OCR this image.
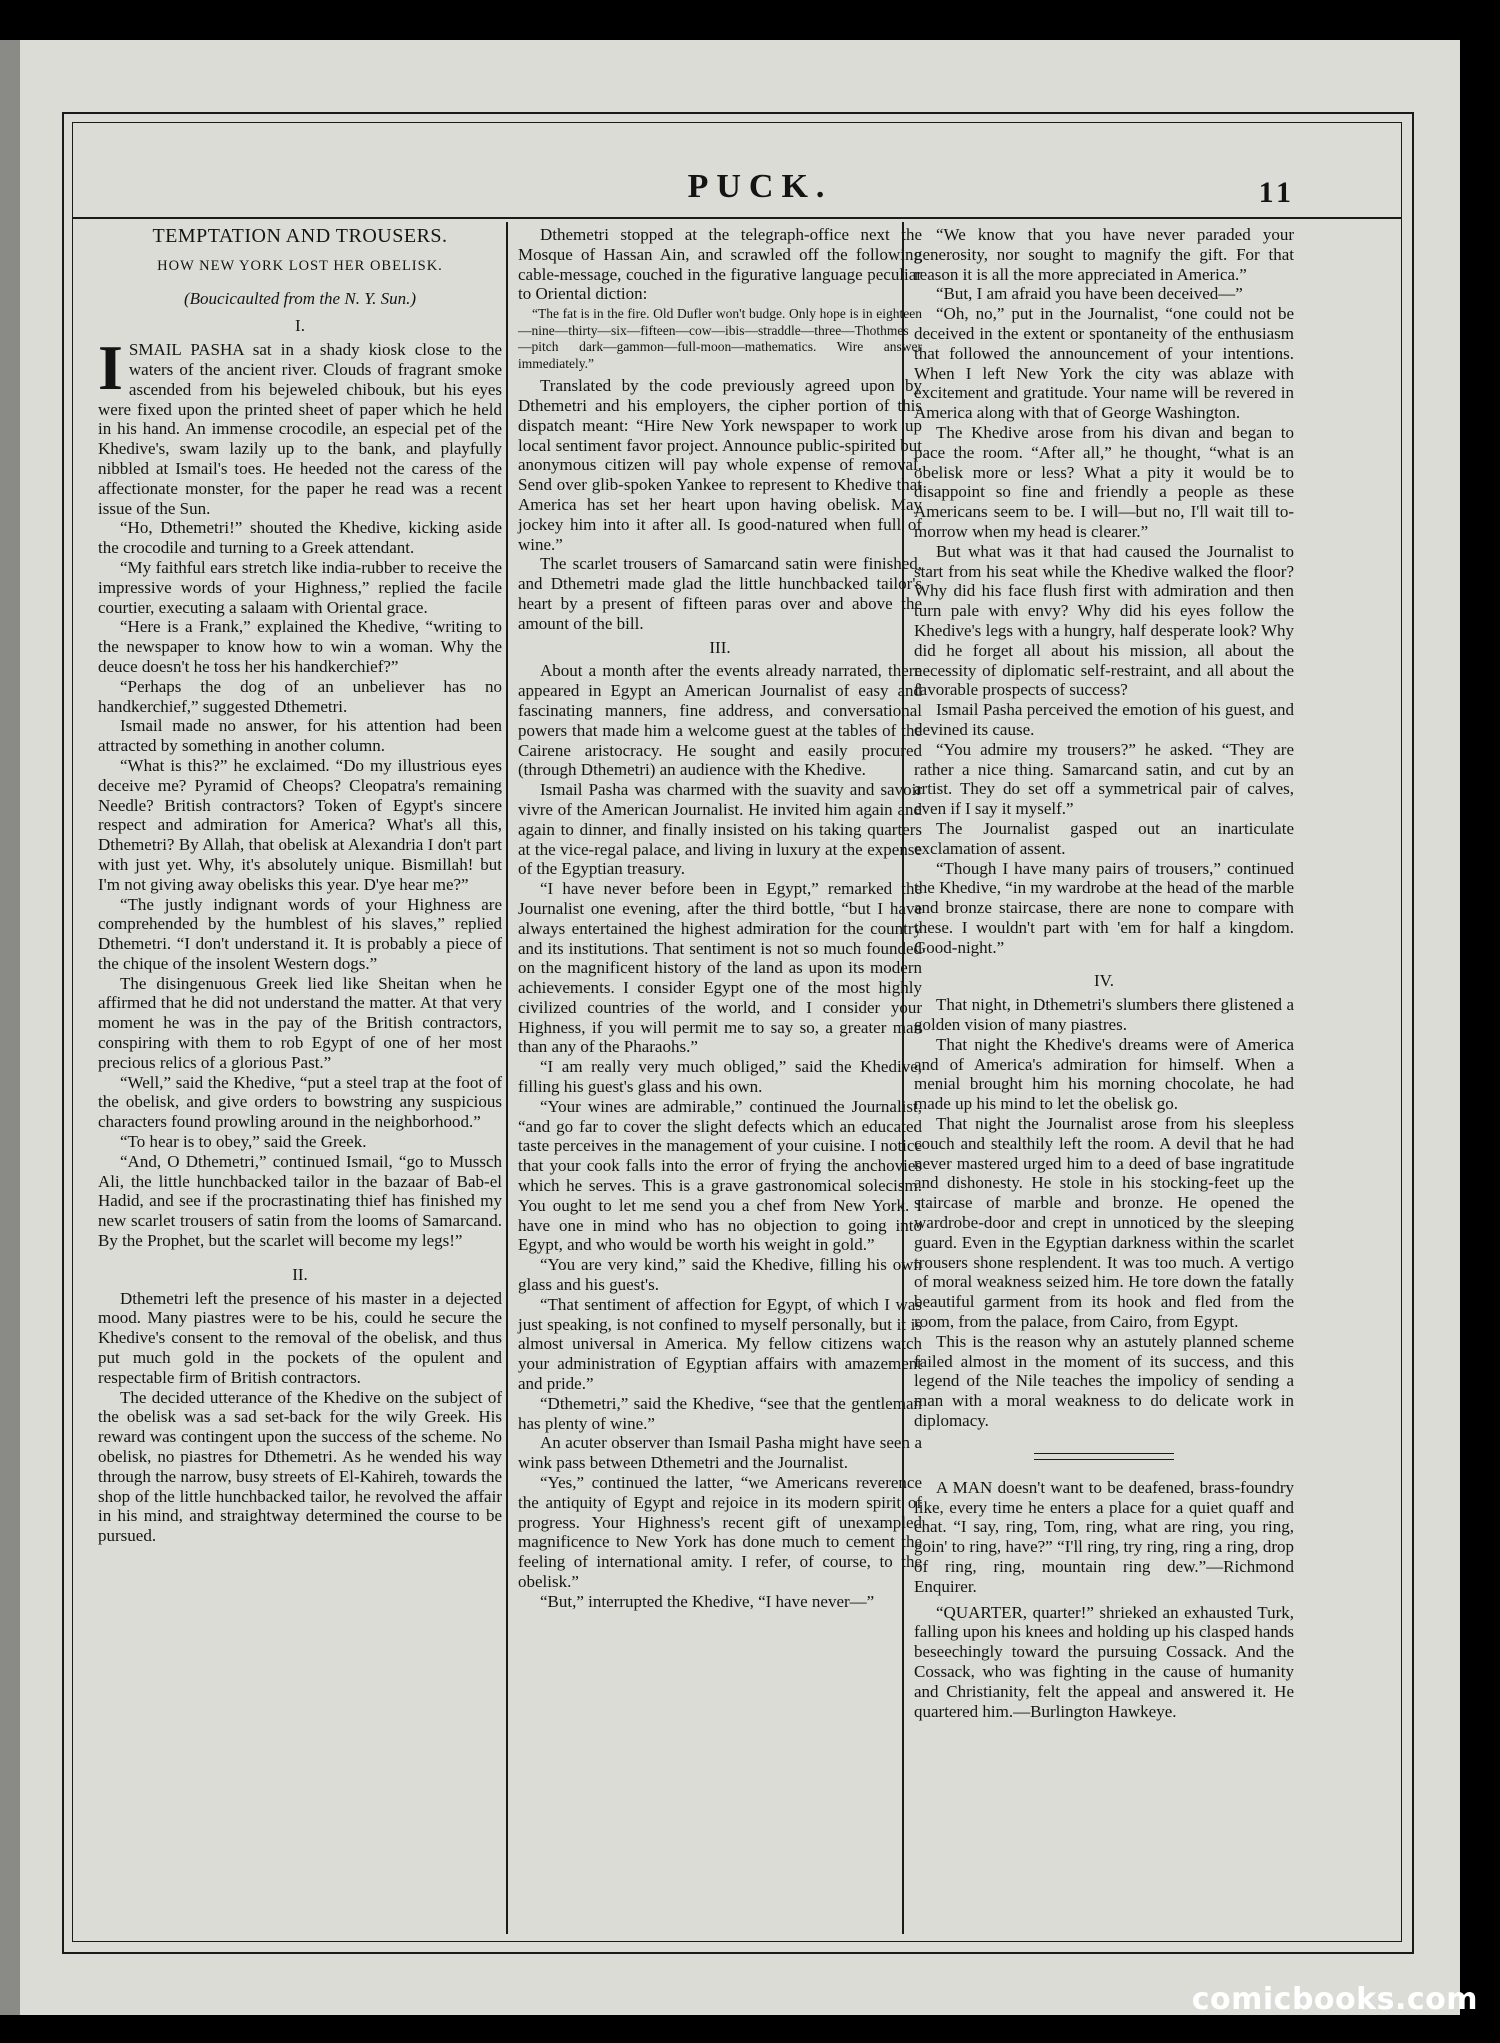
PUCK.	11
TEMPTATION AND TROUSERS.
HOW NEW YORK LOST HER OBELISK.
(Boucicaulted from the N. Y. Sun.)
I.

ISMAIL PASHA sat in a shady kiosk close to the waters of the ancient river. Clouds of fragrant smoke ascended from his bejeweled chibouk, but his eyes were fixed upon the printed sheet of paper which he held in his hand. An immense crocodile, an especial pet of the Khedive's, swam lazily up to the bank, and playfully nibbled at Ismail's toes. He heeded not the caress of the affectionate monster, for the paper he read was a recent issue of the Sun.

“Ho, Dthemetri!” shouted the Khedive, kicking aside the crocodile and turning to a Greek attendant.

“My faithful ears stretch like india-rubber to receive the impressive words of your Highness,” replied the facile courtier, executing a salaam with Oriental grace.

“Here is a Frank,” explained the Khedive, “writing to the newspaper to know how to win a woman. Why the deuce doesn't he toss her his handkerchief?”

“Perhaps the dog of an unbeliever has no handkerchief,” suggested Dthemetri.

Ismail made no answer, for his attention had been attracted by something in another column.

“What is this?” he exclaimed. “Do my illustrious eyes deceive me? Pyramid of Cheops? Cleopatra's remaining Needle? British contractors? Token of Egypt's sincere respect and admiration for America? What's all this, Dthemetri? By Allah, that obelisk at Alexandria I don't part with just yet. Why, it's absolutely unique. Bismillah! but I'm not giving away obelisks this year. D'ye hear me?”

“The justly indignant words of your Highness are comprehended by the humblest of his slaves,” replied Dthemetri. “I don't understand it. It is probably a piece of the chique of the insolent Western dogs.”

The disingenuous Greek lied like Sheitan when he affirmed that he did not understand the matter. At that very moment he was in the pay of the British contractors, conspiring with them to rob Egypt of one of her most precious relics of a glorious Past.”

“Well,” said the Khedive, “put a steel trap at the foot of the obelisk, and give orders to bowstring any suspicious characters found prowling around in the neighborhood.”

“To hear is to obey,” said the Greek.

“And, O Dthemetri,” continued Ismail, “go to Mussch Ali, the little hunchbacked tailor in the bazaar of Bab-el Hadid, and see if the procrastinating thief has finished my new scarlet trousers of satin from the looms of Samarcand. By the Prophet, but the scarlet will become my legs!”

II.

Dthemetri left the presence of his master in a dejected mood. Many piastres were to be his, could he secure the Khedive's consent to the removal of the obelisk, and thus put much gold in the pockets of the opulent and respectable firm of British contractors.

The decided utterance of the Khedive on the subject of the obelisk was a sad set-back for the wily Greek. His reward was contingent upon the success of the scheme. No obelisk, no piastres for Dthemetri. As he wended his way through the narrow, busy streets of El-Kahireh, towards the shop of the little hunchbacked tailor, he revolved the affair in his mind, and straightway determined the course to be pursued.

Dthemetri stopped at the telegraph-office next the Mosque of Hassan Ain, and scrawled off the following cable-message, couched in the figurative language peculiar to Oriental diction:

“The fat is in the fire. Old Dufler won't budge. Only hope is in eighteen—nine—thirty—six—fifteen—cow—ibis—straddle—three—Thothmes—pitch dark—gammon—full-moon—mathematics. Wire answer immediately.”

Translated by the code previously agreed upon by Dthemetri and his employers, the cipher portion of this dispatch meant: “Hire New York newspaper to work up local sentiment favor project. Announce public-spirited but anonymous citizen will pay whole expense of removal. Send over glib-spoken Yankee to represent to Khedive that America has set her heart upon having obelisk. May jockey him into it after all. Is good-natured when full of wine.”

The scarlet trousers of Samarcand satin were finished, and Dthemetri made glad the little hunchbacked tailor's heart by a present of fifteen paras over and above the amount of the bill.

III.

About a month after the events already narrated, there appeared in Egypt an American Journalist of easy and fascinating manners, fine address, and conversational powers that made him a welcome guest at the tables of the Cairene aristocracy. He sought and easily procured (through Dthemetri) an audience with the Khedive.

Ismail Pasha was charmed with the suavity and savoir vivre of the American Journalist. He invited him again and again to dinner, and finally insisted on his taking quarters at the vice-regal palace, and living in luxury at the expense of the Egyptian treasury.

“I have never before been in Egypt,” remarked the Journalist one evening, after the third bottle, “but I have always entertained the highest admiration for the country and its institutions. That sentiment is not so much founded on the magnificent history of the land as upon its modern achievements. I consider Egypt one of the most highly civilized countries of the world, and I consider your Highness, if you will permit me to say so, a greater man than any of the Pharaohs.”

“I am really very much obliged,” said the Khedive, filling his guest's glass and his own.

“Your wines are admirable,” continued the Journalist, “and go far to cover the slight defects which an educated taste perceives in the management of your cuisine. I notice that your cook falls into the error of frying the anchovies which he serves. This is a grave gastronomical solecism. You ought to let me send you a chef from New York. I have one in mind who has no objection to going into Egypt, and who would be worth his weight in gold.”

“You are very kind,” said the Khedive, filling his own glass and his guest's.

“That sentiment of affection for Egypt, of which I was just speaking, is not confined to myself personally, but it is almost universal in America. My fellow citizens watch your administration of Egyptian affairs with amazement and pride.”

“Dthemetri,” said the Khedive, “see that the gentleman has plenty of wine.”

An acuter observer than Ismail Pasha might have seen a wink pass between Dthemetri and the Journalist.

“Yes,” continued the latter, “we Americans reverence the antiquity of Egypt and rejoice in its modern spirit of progress. Your Highness's recent gift of unexampled magnificence to New York has done much to cement the feeling of international amity. I refer, of course, to the obelisk.”

“But,” interrupted the Khedive, “I have never—”

“We know that you have never paraded your generosity, nor sought to magnify the gift. For that reason it is all the more appreciated in America.”

“But, I am afraid you have been deceived—”

“Oh, no,” put in the Journalist, “one could not be deceived in the extent or spontaneity of the enthusiasm that followed the announcement of your intentions. When I left New York the city was ablaze with excitement and gratitude. Your name will be revered in America along with that of George Washington.

The Khedive arose from his divan and began to pace the room. “After all,” he thought, “what is an obelisk more or less? What a pity it would be to disappoint so fine and friendly a people as these Americans seem to be. I will—but no, I'll wait till to-morrow when my head is clearer.”

But what was it that had caused the Journalist to start from his seat while the Khedive walked the floor? Why did his face flush first with admiration and then turn pale with envy? Why did his eyes follow the Khedive's legs with a hungry, half desperate look? Why did he forget all about his mission, all about the necessity of diplomatic self-restraint, and all about the favorable prospects of success?

Ismail Pasha perceived the emotion of his guest, and devined its cause.

“You admire my trousers?” he asked. “They are rather a nice thing. Samarcand satin, and cut by an artist. They do set off a symmetrical pair of calves, even if I say it myself.”

The Journalist gasped out an inarticulate exclamation of assent.

“Though I have many pairs of trousers,” continued the Khedive, “in my wardrobe at the head of the marble and bronze staircase, there are none to compare with these. I wouldn't part with 'em for half a kingdom. Good-night.”

IV.

That night, in Dthemetri's slumbers there glistened a golden vision of many piastres.

That night the Khedive's dreams were of America and of America's admiration for himself. When a menial brought him his morning chocolate, he had made up his mind to let the obelisk go.

That night the Journalist arose from his sleepless couch and stealthily left the room. A devil that he had never mastered urged him to a deed of base ingratitude and dishonesty. He stole in his stocking-feet up the staircase of marble and bronze. He opened the wardrobe-door and crept in unnoticed by the sleeping guard. Even in the Egyptian darkness within the scarlet trousers shone resplendent. It was too much. A vertigo of moral weakness seized him. He tore down the fatally beautiful garment from its hook and fled from the room, from the palace, from Cairo, from Egypt.

This is the reason why an astutely planned scheme failed almost in the moment of its success, and this legend of the Nile teaches the impolicy of sending a man with a moral weakness to do delicate work in diplomacy.

A MAN doesn't want to be deafened, brass-foundry like, every time he enters a place for a quiet quaff and chat. “I say, ring, Tom, ring, what are ring, you ring, goin' to ring, have?” “I'll ring, try ring, ring a ring, drop of ring, ring, mountain ring dew.”—Richmond Enquirer.

“QUARTER, quarter!” shrieked an exhausted Turk, falling upon his knees and holding up his clasped hands beseechingly toward the pursuing Cossack. And the Cossack, who was fighting in the cause of humanity and Christianity, felt the appeal and answered it. He quartered him.—Burlington Hawkeye.

comicbooks.com
